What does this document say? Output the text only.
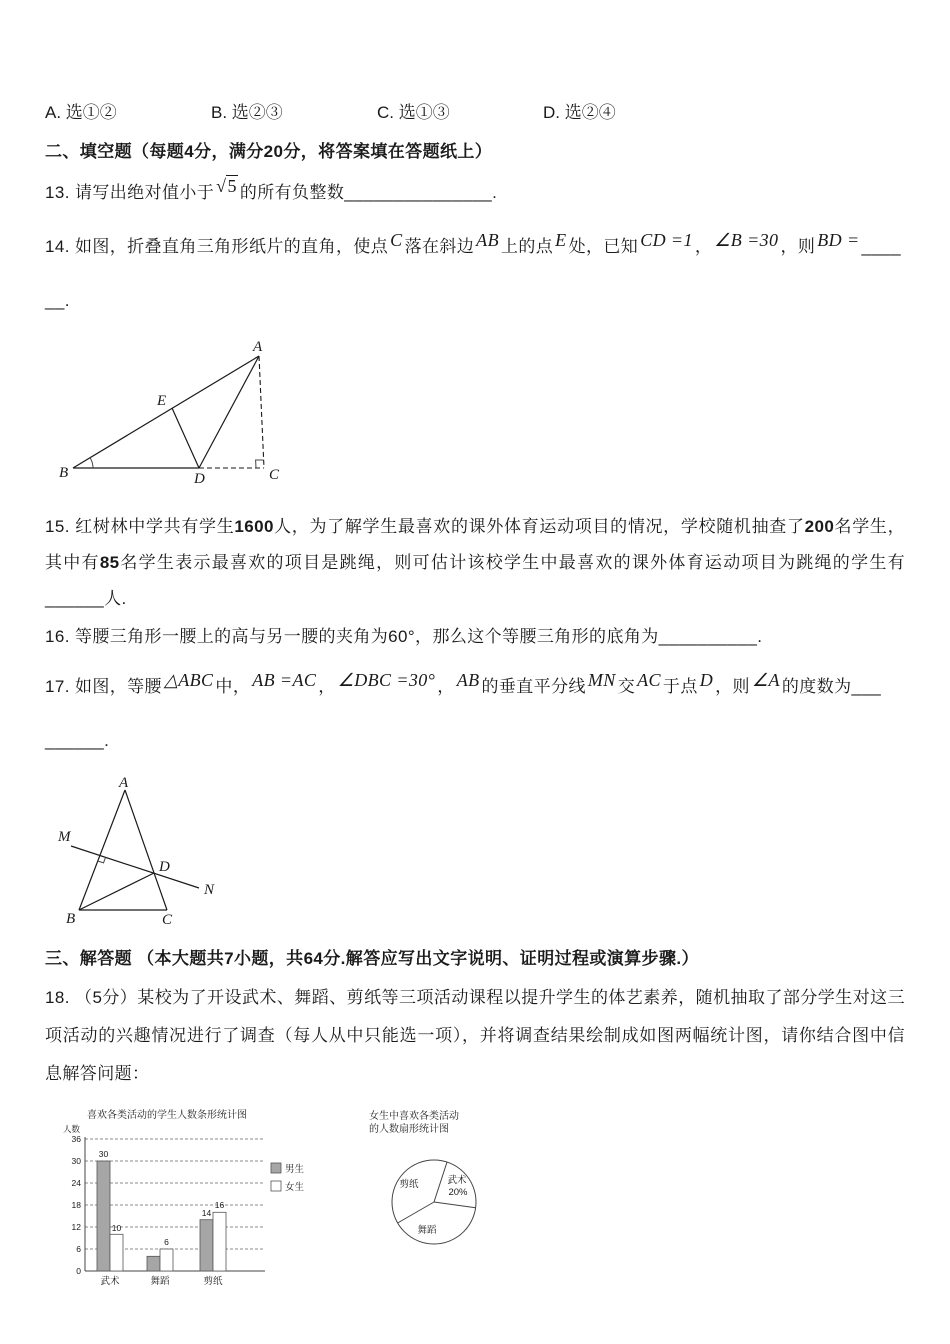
A. 选①②	B. 选②③	C. 选①③	D. 选②④

二、填空题（每题4分，满分20分，将答案填在答题纸上）

13. 请写出绝对值小于 √5 的所有负整数_______________.

14. 如图，折叠直角三角形纸片的直角，使点 C 落在斜边 AB 上的点 E 处，已知 CD =1 ， ∠B =30 ，则 BD = ____
__.

A
B	C
D
E

15. 红树林中学共有学生1600人，为了解学生最喜欢的课外体育运动项目的情况，学校随机抽查了200名学生，其中有85名学生表示最喜欢的项目是跳绳，则可估计该校学生中最喜欢的课外体育运动项目为跳绳的学生有______人.

16. 等腰三角形一腰上的高与另一腰的夹角为60°，那么这个等腰三角形的底角为__________.

17. 如图，等腰 △ABC 中， AB =AC ， ∠DBC =30° ， AB 的垂直平分线 MN 交 AC 于点 D ，则 ∠A 的度数为___
______.

A
M
N
B	C
D

三、解答题 （本大题共7小题，共64分.解答应写出文字说明、证明过程或演算步骤.）

18. （5分）某校为了开设武术、舞蹈、剪纸等三项活动课程以提升学生的体艺素养，随机抽取了部分学生对这三项活动的兴趣情况进行了调查（每人从中只能选一项），并将调查结果绘制成如图两幅统计图，请你结合图中信息解答问题：

喜欢各类活动的学生人数条形统计图
人数
36
30
24
18
12
6
0
30
10
6
14
16
武术	舞蹈	剪纸
男生
女生
女生中喜欢各类活动
的人数扇形统计图
剪纸	武术
20%
舞蹈
